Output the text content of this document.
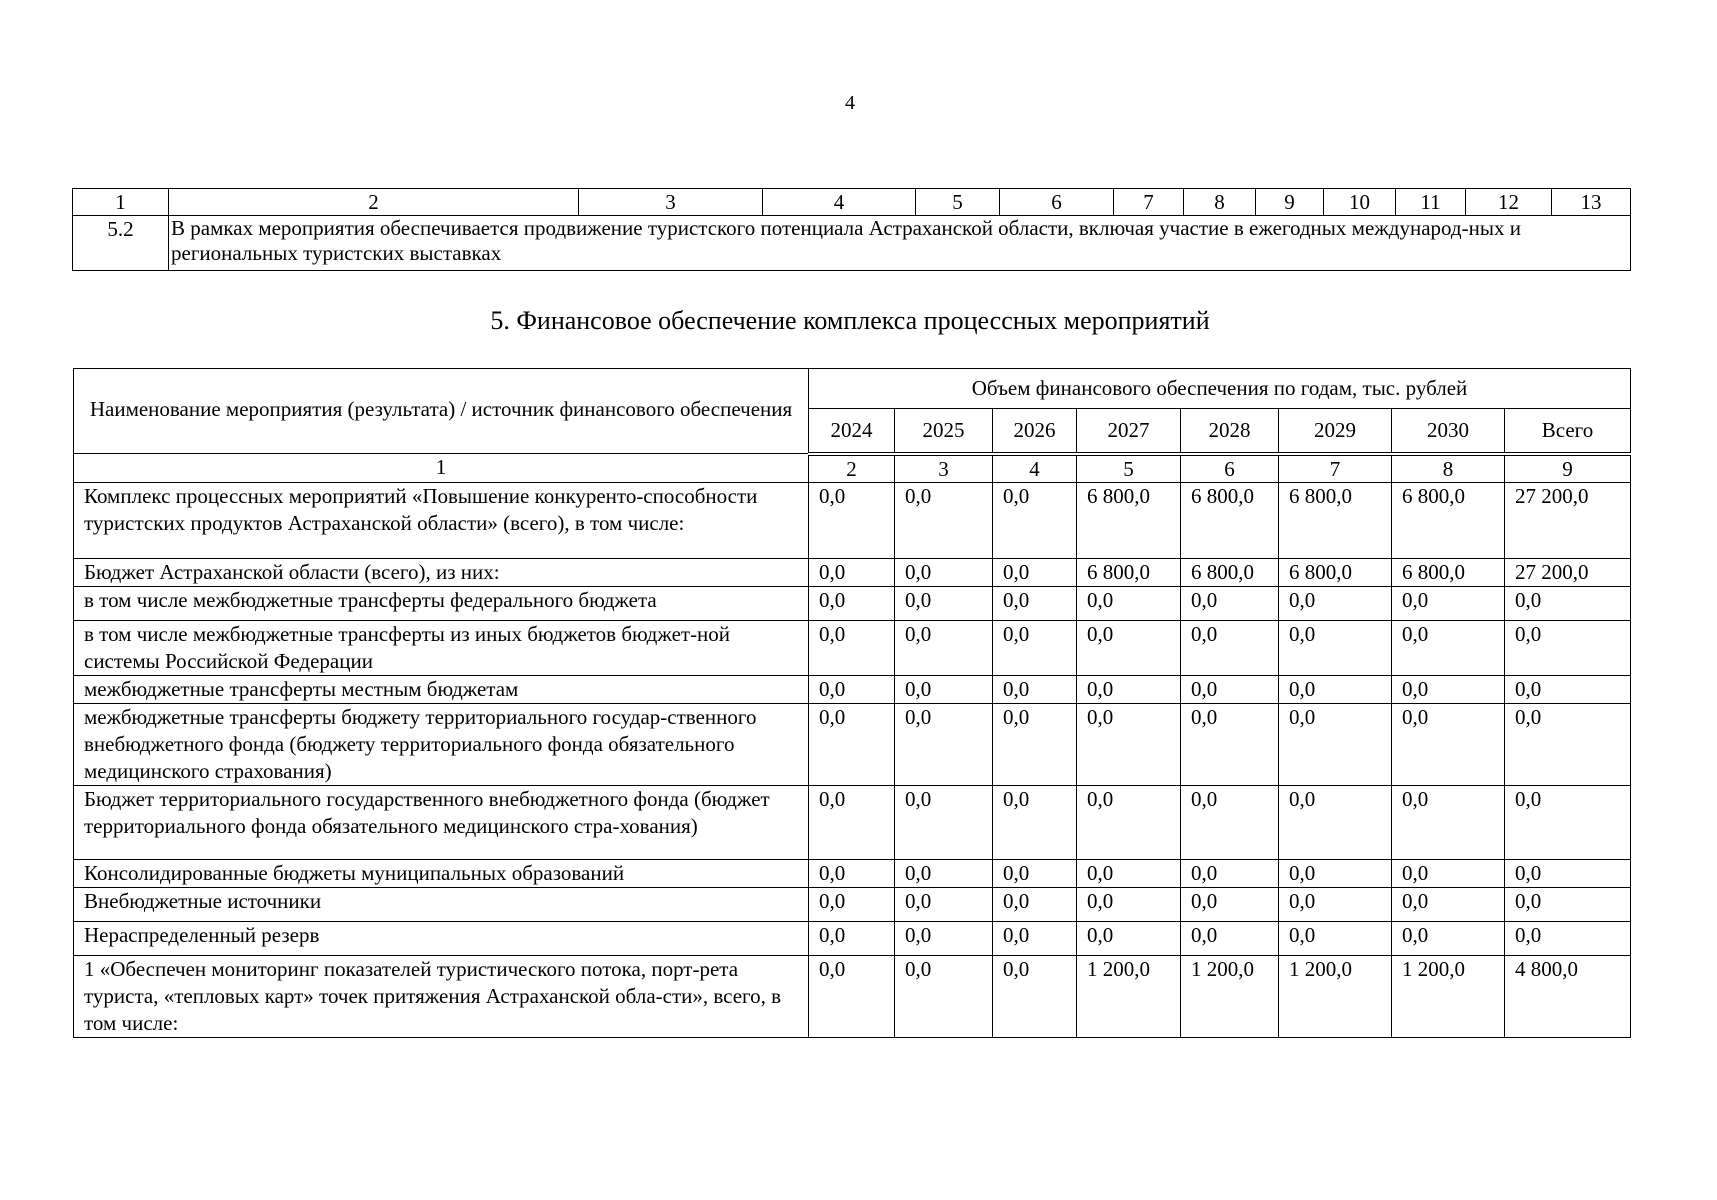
4
1	2	3	4	5	6	7	8	9	10	11	12	13
5.2	В рамках мероприятия обеспечивается продвижение туристского потенциала Астраханской области, включая участие в ежегодных международ-ных и региональных туристских выставках											
5. Финансовое обеспечение комплекса процессных мероприятий
Наименование мероприятия (результата) / источник финансового обеспечения	Объем финансового обеспечения по годам, тыс. рублей							
	2024	2025	2026	2027	2028	2029	2030	Всего
1	2	3	4	5	6	7	8	9
Комплекс процессных мероприятий «Повышение конкуренто-способности туристских продуктов Астраханской области» (всего), в том числе:	0,0	0,0	0,0	6 800,0	6 800,0	6 800,0	6 800,0	27 200,0
Бюджет Астраханской области (всего), из них:	0,0	0,0	0,0	6 800,0	6 800,0	6 800,0	6 800,0	27 200,0
в том числе межбюджетные трансферты федерального бюджета	0,0	0,0	0,0	0,0	0,0	0,0	0,0	0,0
в том числе межбюджетные трансферты из иных бюджетов бюджет-ной системы Российской Федерации	0,0	0,0	0,0	0,0	0,0	0,0	0,0	0,0
межбюджетные трансферты местным бюджетам	0,0	0,0	0,0	0,0	0,0	0,0	0,0	0,0
межбюджетные трансферты бюджету территориального государ-ственного внебюджетного фонда (бюджету территориального фонда обязательного медицинского страхования)	0,0	0,0	0,0	0,0	0,0	0,0	0,0	0,0
Бюджет территориального государственного внебюджетного фонда (бюджет территориального фонда обязательного медицинского стра-хования)	0,0	0,0	0,0	0,0	0,0	0,0	0,0	0,0
Консолидированные бюджеты муниципальных образований	0,0	0,0	0,0	0,0	0,0	0,0	0,0	0,0
Внебюджетные источники	0,0	0,0	0,0	0,0	0,0	0,0	0,0	0,0
Нераспределенный резерв	0,0	0,0	0,0	0,0	0,0	0,0	0,0	0,0
1 «Обеспечен мониторинг показателей туристического потока, порт-рета туриста, «тепловых карт» точек притяжения Астраханской обла-сти», всего, в том числе:	0,0	0,0	0,0	1 200,0	1 200,0	1 200,0	1 200,0	4 800,0
